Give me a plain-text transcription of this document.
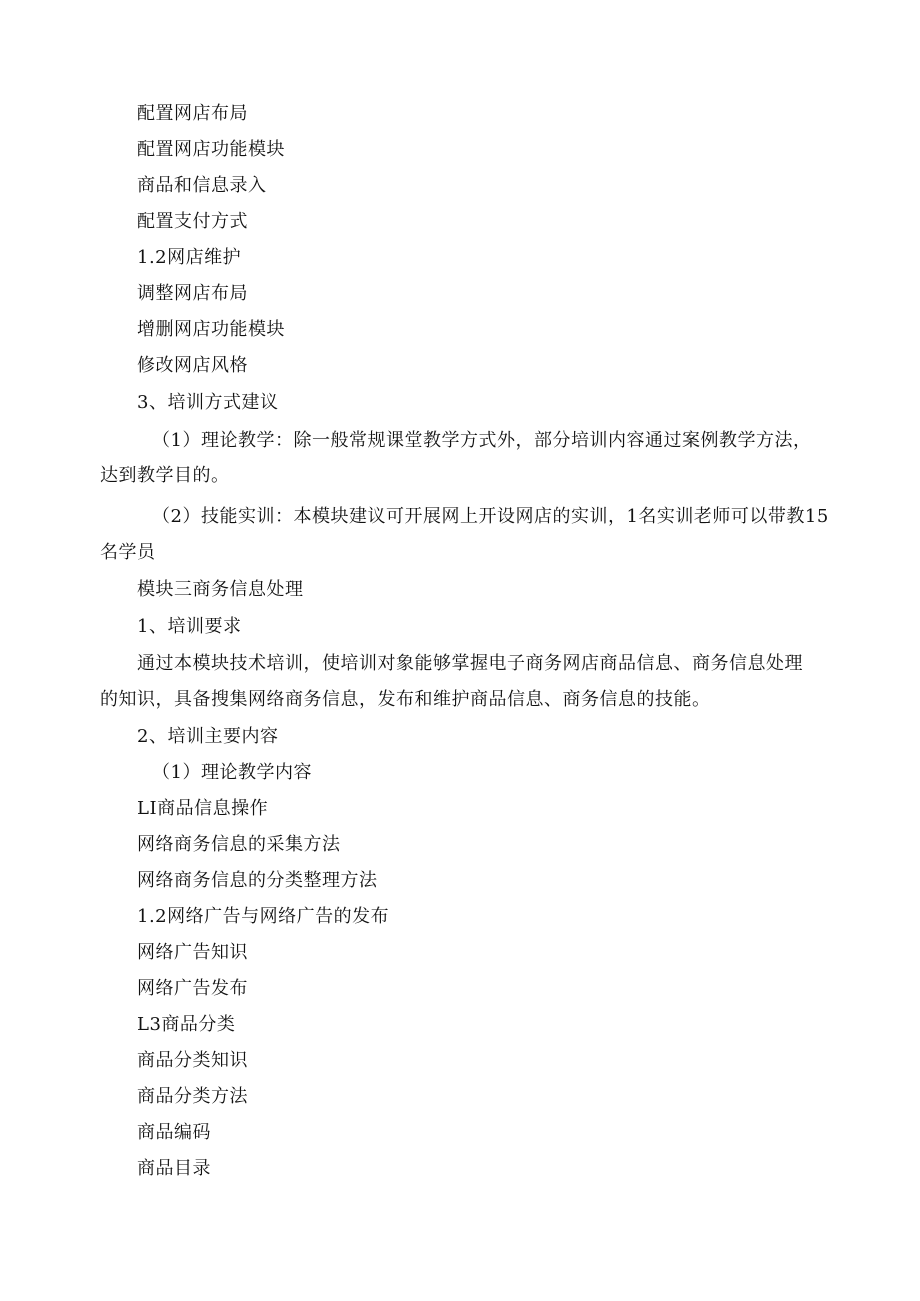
配置网店布局
配置网店功能模块
商品和信息录入
配置支付方式
1.2网店维护
调整网店布局
增删网店功能模块
修改网店风格
3、培训方式建议
（1）理论教学：除一般常规课堂教学方式外，部分培训内容通过案例教学方法，
达到教学目的。
（2）技能实训：本模块建议可开展网上开设网店的实训，1名实训老师可以带教15
名学员
模块三商务信息处理
1、培训要求
通过本模块技术培训，使培训对象能够掌握电子商务网店商品信息、商务信息处理
的知识，具备搜集网络商务信息，发布和维护商品信息、商务信息的技能。
2、培训主要内容
（1）理论教学内容
LI商品信息操作
网络商务信息的采集方法
网络商务信息的分类整理方法
1.2网络广告与网络广告的发布
网络广告知识
网络广告发布
L3商品分类
商品分类知识
商品分类方法
商品编码
商品目录
